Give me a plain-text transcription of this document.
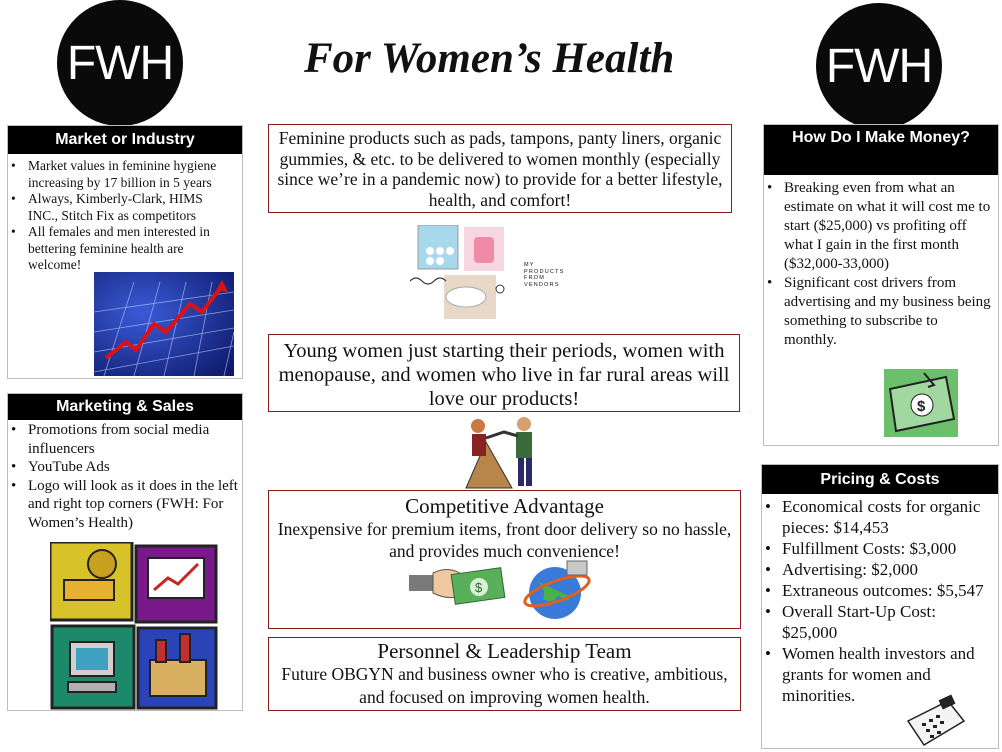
FWH	FWH
For Women’s Health
Market or Industry
• Market values in feminine hygiene increasing by 17 billion in 5 years
• Always, Kimberly-Clark, HIMS INC., Stitch Fix as competitors
• All females and men interested in bettering feminine health are welcome!
Marketing & Sales
• Promotions from social media influencers
• YouTube Ads
• Logo will look as it does in the left and right top corners (FWH: For Women’s Health)
Feminine products such as pads, tampons, panty liners, organic gummies, & etc. to be delivered to women monthly (especially since we’re in a pandemic now) to provide for a better lifestyle, health, and comfort!
MY
PRODUCTS
FROM
VENDORS
Young women just starting their periods, women with menopause, and women who live in far rural areas will love our products!
Competitive Advantage
Inexpensive for premium items, front door delivery so no hassle, and provides much convenience!
$
Personnel & Leadership Team
Future OBGYN and business owner who is creative, ambitious, and focused on improving women health.
How Do I Make Money?
• Breaking even from what an estimate on what it will cost me to start ($25,000) vs profiting off what I gain in the first month ($32,000-33,000)
• Significant cost drivers from advertising and my business being something to subscribe to monthly.
$
Pricing & Costs
• Economical costs for organic pieces: $14,453
• Fulfillment Costs: $3,000
• Advertising: $2,000
• Extraneous outcomes: $5,547
• Overall Start-Up Cost: $25,000
• Women health investors and grants for women and minorities.
